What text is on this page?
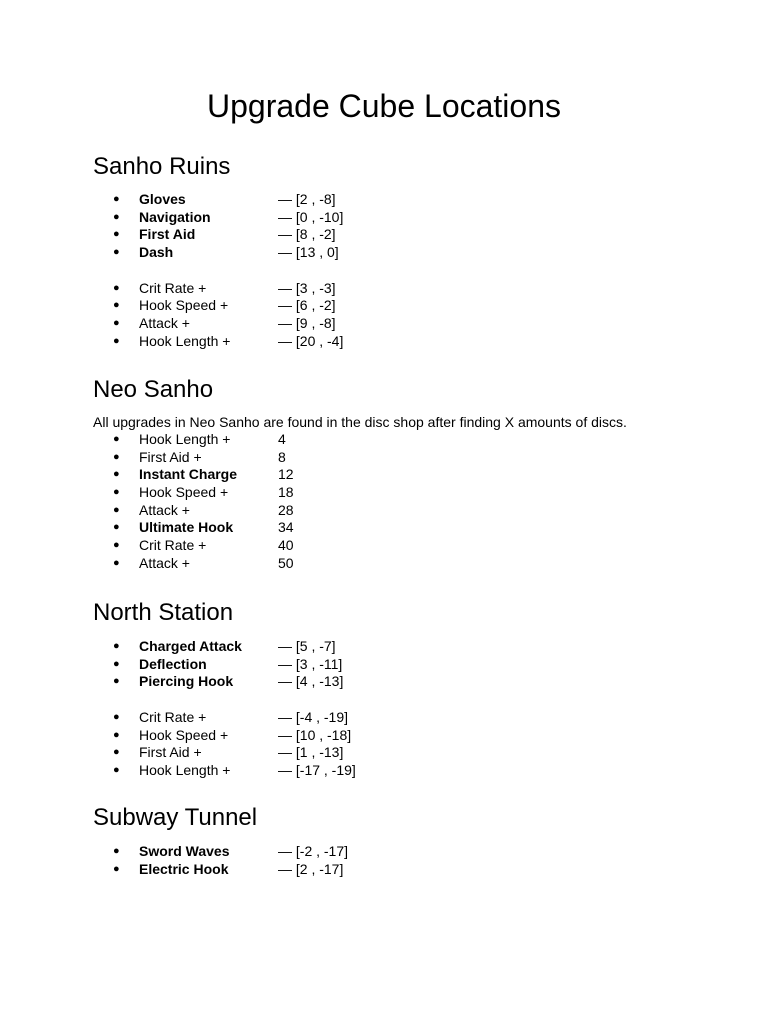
Upgrade Cube Locations
Sanho Ruins
● Gloves	— [2 , -8]
● Navigation	— [0 , -10]
● First Aid	— [8 , -2]
● Dash	— [13 , 0]
● Crit Rate +	— [3 , -3]
● Hook Speed +	— [6 , -2]
● Attack +	— [9 , -8]
● Hook Length +	— [20 , -4]
Neo Sanho

All upgrades in Neo Sanho are found in the disc shop after finding X amounts of discs.

● Hook Length +	4
● First Aid +	8
● Instant Charge	12
● Hook Speed +	18
● Attack +	28
● Ultimate Hook	34
● Crit Rate +	40
● Attack +	50
North Station
● Charged Attack	— [5 , -7]
● Deflection	— [3 , -11]
● Piercing Hook	— [4 , -13]
● Crit Rate +	— [-4 , -19]
● Hook Speed +	— [10 , -18]
● First Aid +	— [1 , -13]
● Hook Length +	— [-17 , -19]
Subway Tunnel
● Sword Waves	— [-2 , -17]
● Electric Hook	— [2 , -17]
